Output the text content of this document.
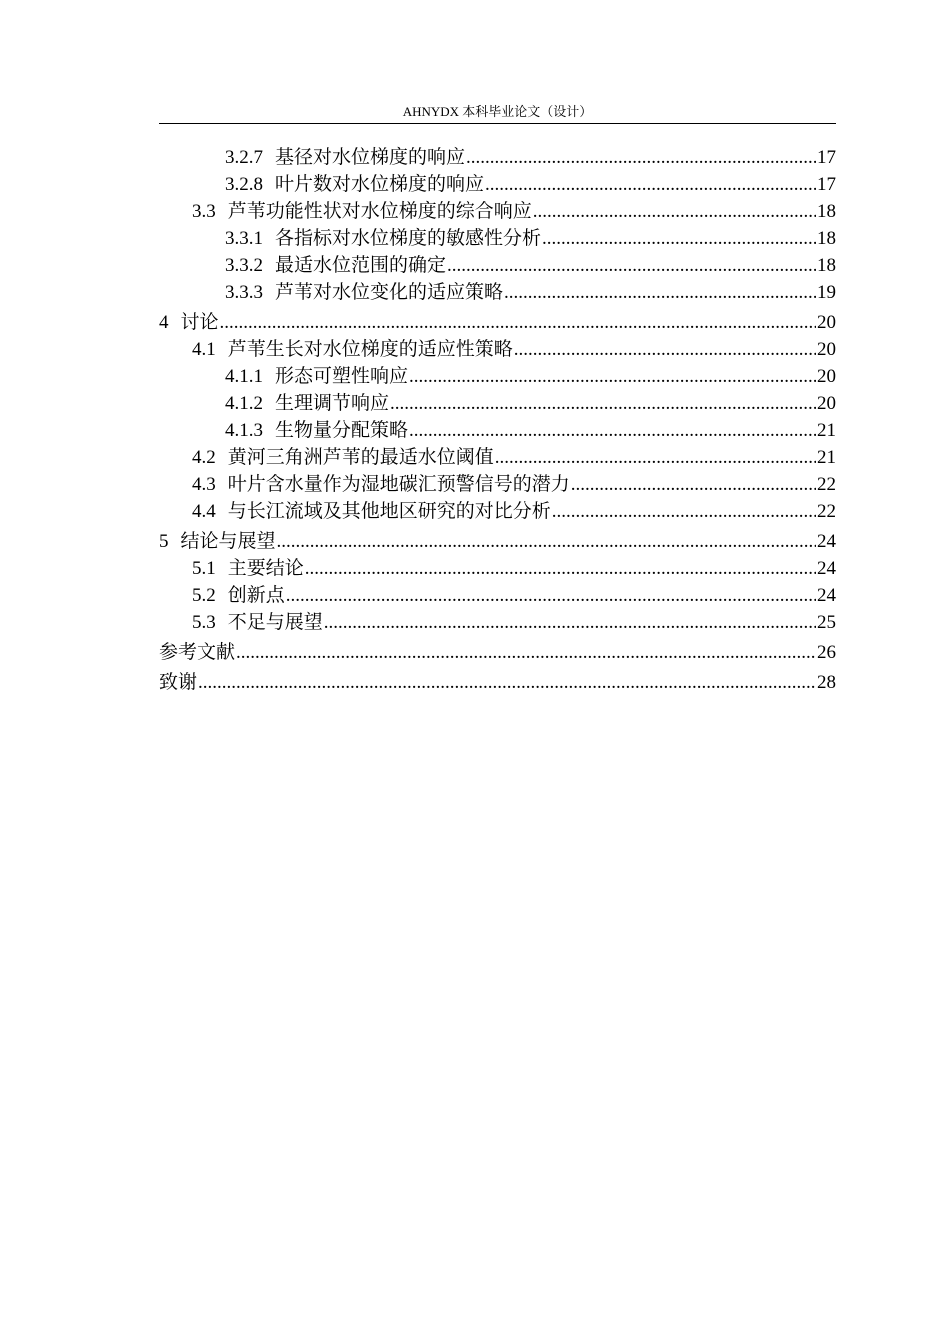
AHNYDX 本科毕业论文（设计）
3.2.7 基径对水位梯度的响应 .....	17
3.2.8 叶片数对水位梯度的响应 .....	17
3.3 芦苇功能性状对水位梯度的综合响应 .....	18
3.3.1 各指标对水位梯度的敏感性分析 .....	18
3.3.2 最适水位范围的确定 .....	18
3.3.3 芦苇对水位变化的适应策略 .....	19
4 讨论 .....	20
4.1 芦苇生长对水位梯度的适应性策略 .....	20
4.1.1 形态可塑性响应 .....	20
4.1.2 生理调节响应 .....	20
4.1.3 生物量分配策略 .....	21
4.2 黄河三角洲芦苇的最适水位阈值 .....	21
4.3 叶片含水量作为湿地碳汇预警信号的潜力 .....	22
4.4 与长江流域及其他地区研究的对比分析 .....	22
5 结论与展望 .....	24
5.1 主要结论 .....	24
5.2 创新点 .....	24
5.3 不足与展望 .....	25
参考文献 .....	26
致谢 .....	28
